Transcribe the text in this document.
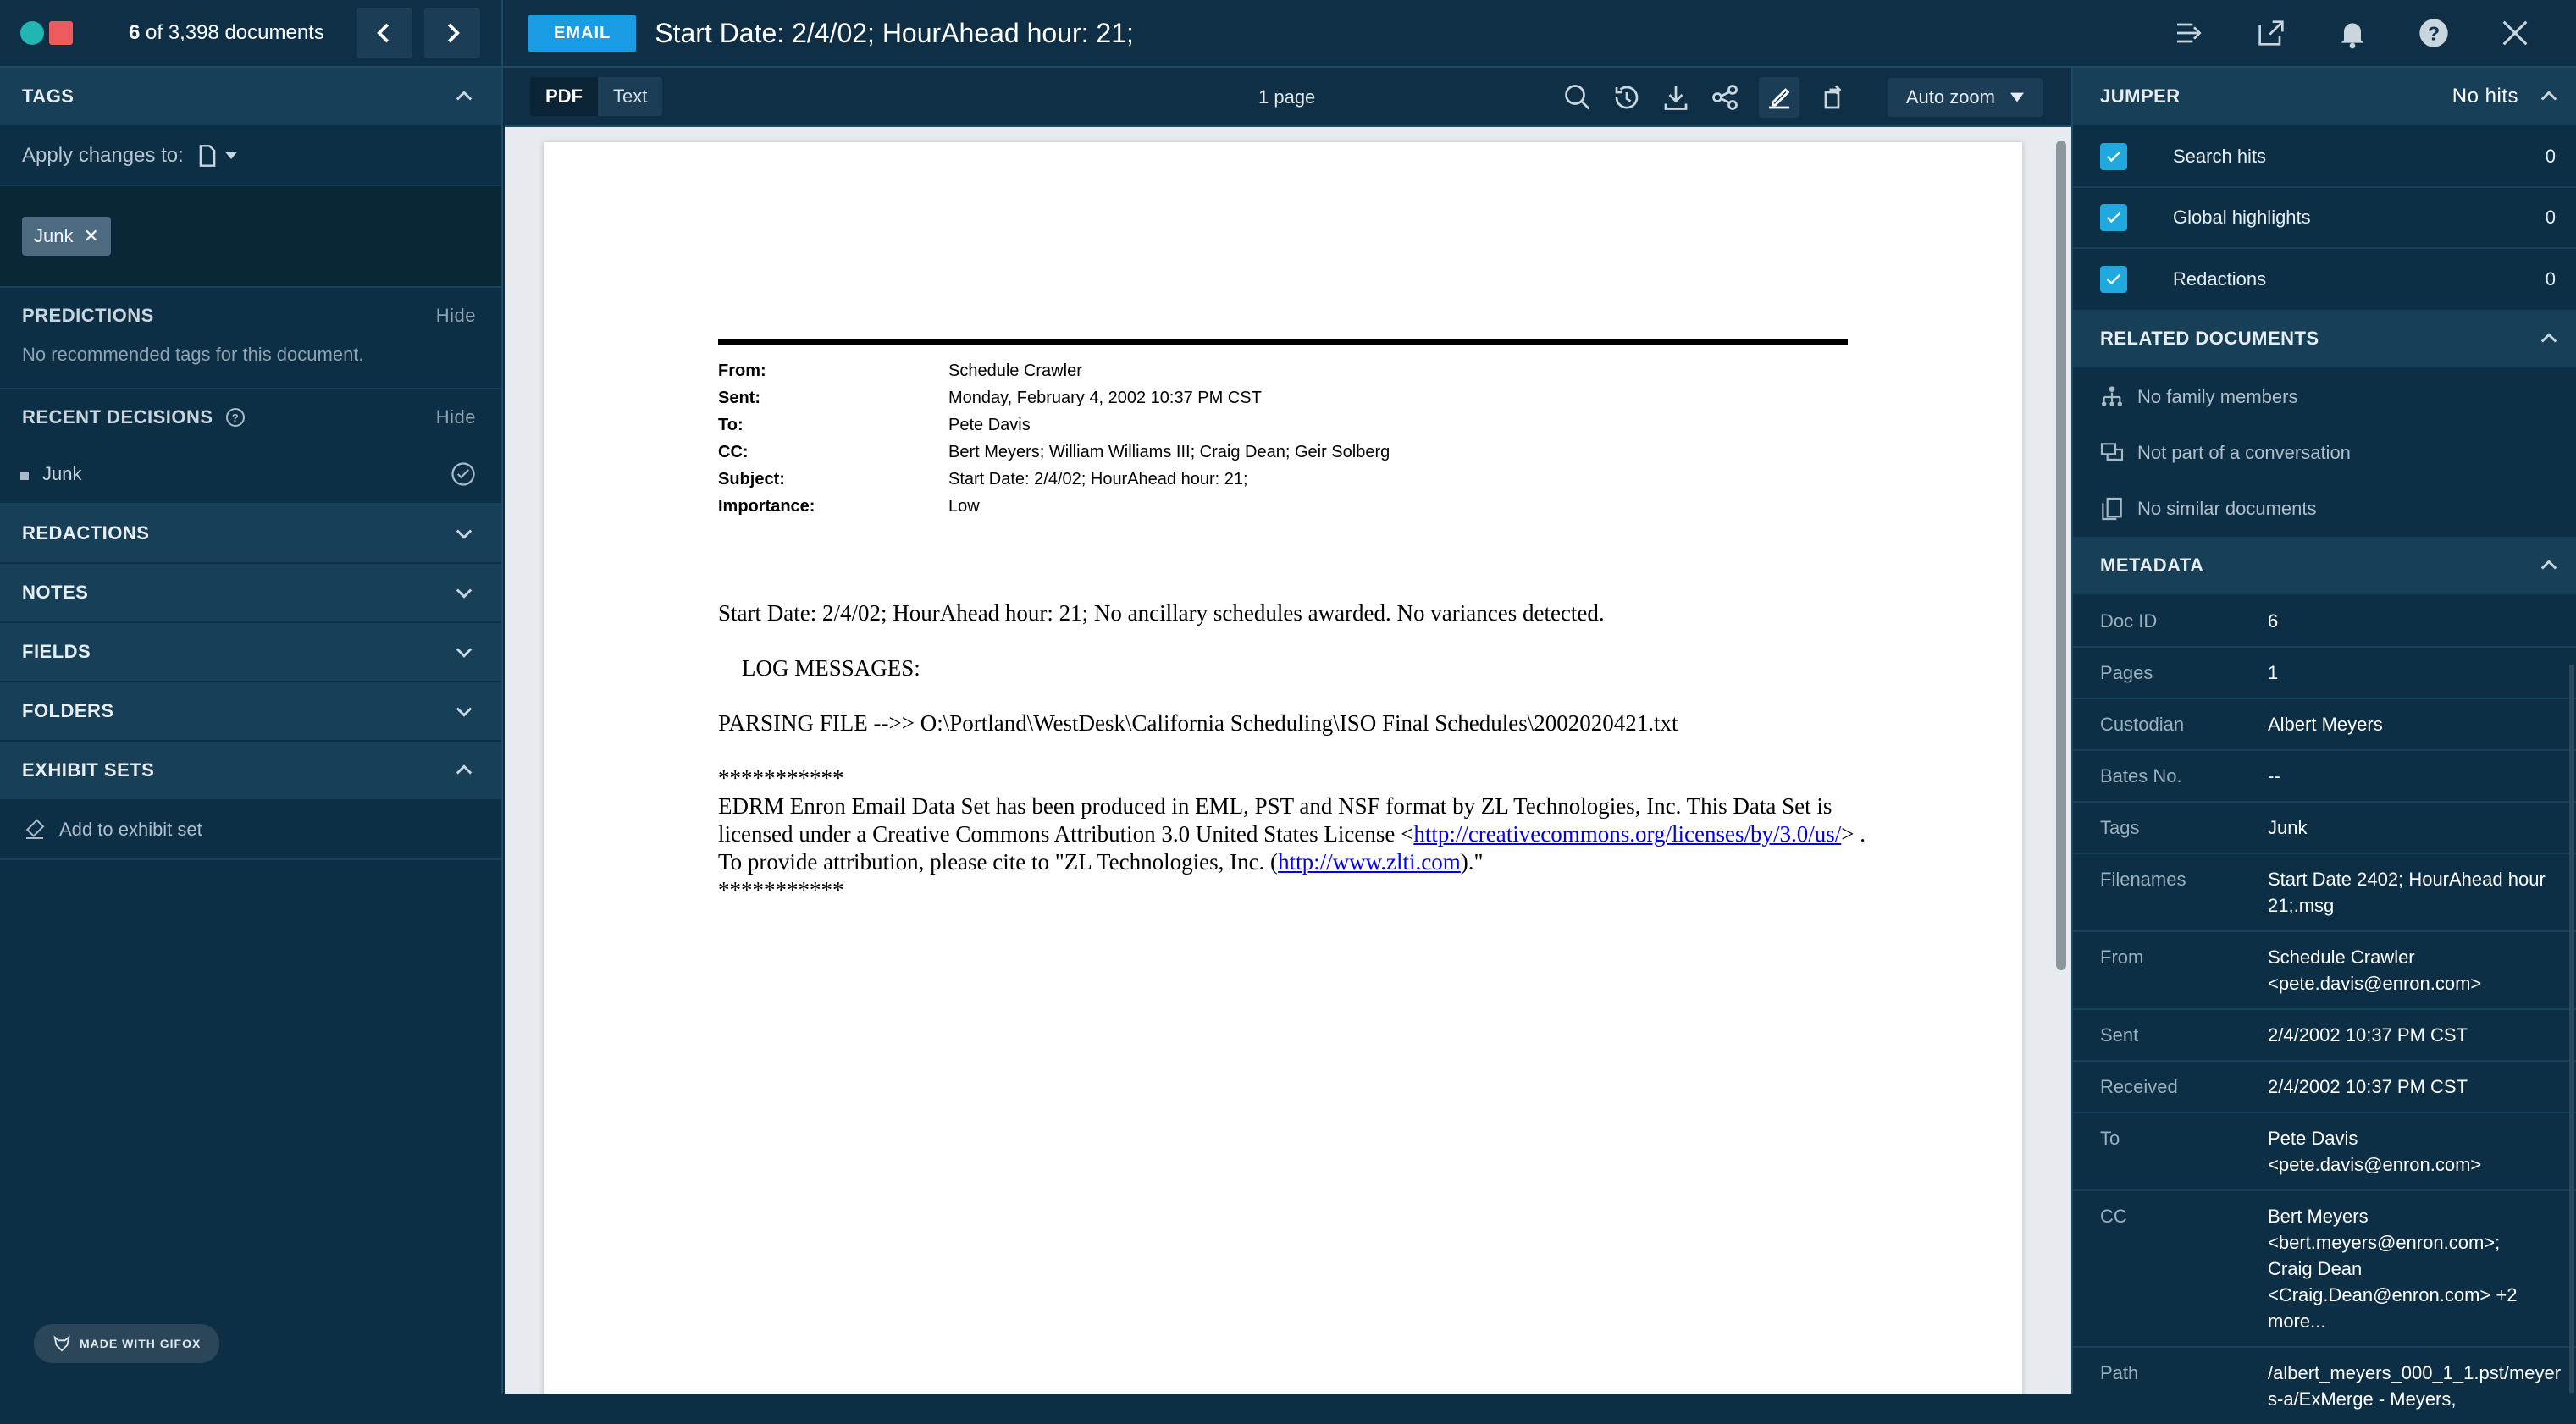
6 of 3,398 documents	EMAIL	Start Date: 2/4/02; HourAhead hour: 21;	?
TAGS
Apply changes to:
Junk ✕
PREDICTIONS	Hide
No recommended tags for this document.
RECENT DECISIONS ?	Hide
Junk
REDACTIONS
NOTES
FIELDS
FOLDERS
EXHIBIT SETS
Add to exhibit set
MADE WITH GIFOX
PDF	Text	1 page	Auto zoom
From:	Schedule Crawler
Sent:	Monday, February 4, 2002 10:37 PM CST
To:	Pete Davis
CC:	Bert Meyers; William Williams III; Craig Dean; Geir Solberg
Subject:	Start Date: 2/4/02; HourAhead hour: 21;
Importance:	Low

Start Date: 2/4/02; HourAhead hour: 21; No ancillary schedules awarded. No variances detected.

LOG MESSAGES:

PARSING FILE -->> O:\Portland\WestDesk\California Scheduling\ISO Final Schedules\2002020421.txt

***********
EDRM Enron Email Data Set has been produced in EML, PST and NSF format by ZL Technologies, Inc. This Data Set is licensed under a Creative Commons Attribution 3.0 United States License <http://creativecommons.org/licenses/by/3.0/us/> . To provide attribution, please cite to "ZL Technologies, Inc. (http://www.zlti.com)."
***********
JUMPER	No hits
Search hits	0
Global highlights	0
Redactions	0
RELATED DOCUMENTS
No family members
Not part of a conversation
No similar documents
METADATA
Doc ID	6
Pages	1
Custodian	Albert Meyers
Bates No.	--
Tags	Junk
Filenames	Start Date 2402; HourAhead hour 21;.msg
From	Schedule Crawler <pete.davis@enron.com>
Sent	2/4/2002 10:37 PM CST
Received	2/4/2002 10:37 PM CST
To	Pete Davis <pete.davis@enron.com>
CC	Bert Meyers <bert.meyers@enron.com>; Craig Dean <Craig.Dean@enron.com> +2 more...
Path	/albert_meyers_000_1_1.pst/meyers-a/ExMerge - Meyers,
